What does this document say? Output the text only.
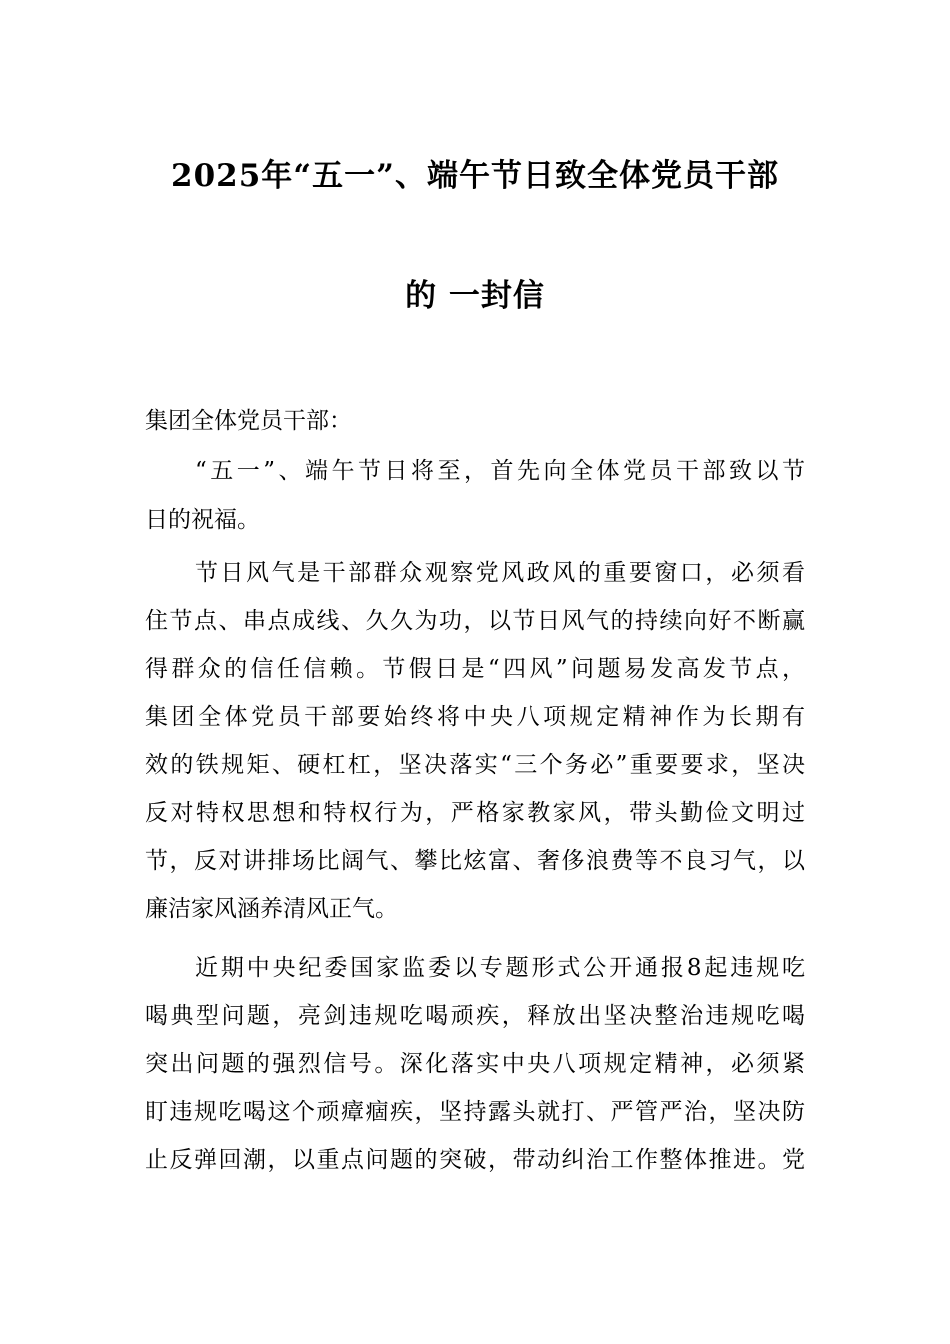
2025年“五一”、端午节日致全体党员干部
的 一封信
集团全体党员干部：
“五一”、端午节日将至，首先向全体党员干部致以节
日的祝福。
节日风气是干部群众观察党风政风的重要窗口，必须看
住节点、串点成线、久久为功，以节日风气的持续向好不断赢
得群众的信任信赖。节假日是“四风”问题易发高发节点，
集团全体党员干部要始终将中央八项规定精神作为长期有
效的铁规矩、硬杠杠，坚决落实“三个务必”重要要求，坚决
反对特权思想和特权行为，严格家教家风，带头勤俭文明过
节，反对讲排场比阔气、攀比炫富、奢侈浪费等不良习气，以
廉洁家风涵养清风正气。
近期中央纪委国家监委以专题形式公开通报8起违规吃
喝典型问题，亮剑违规吃喝顽疾，释放出坚决整治违规吃喝
突出问题的强烈信号。深化落实中央八项规定精神，必须紧
盯违规吃喝这个顽瘴痼疾，坚持露头就打、严管严治，坚决防
止反弹回潮，以重点问题的突破，带动纠治工作整体推进。党
